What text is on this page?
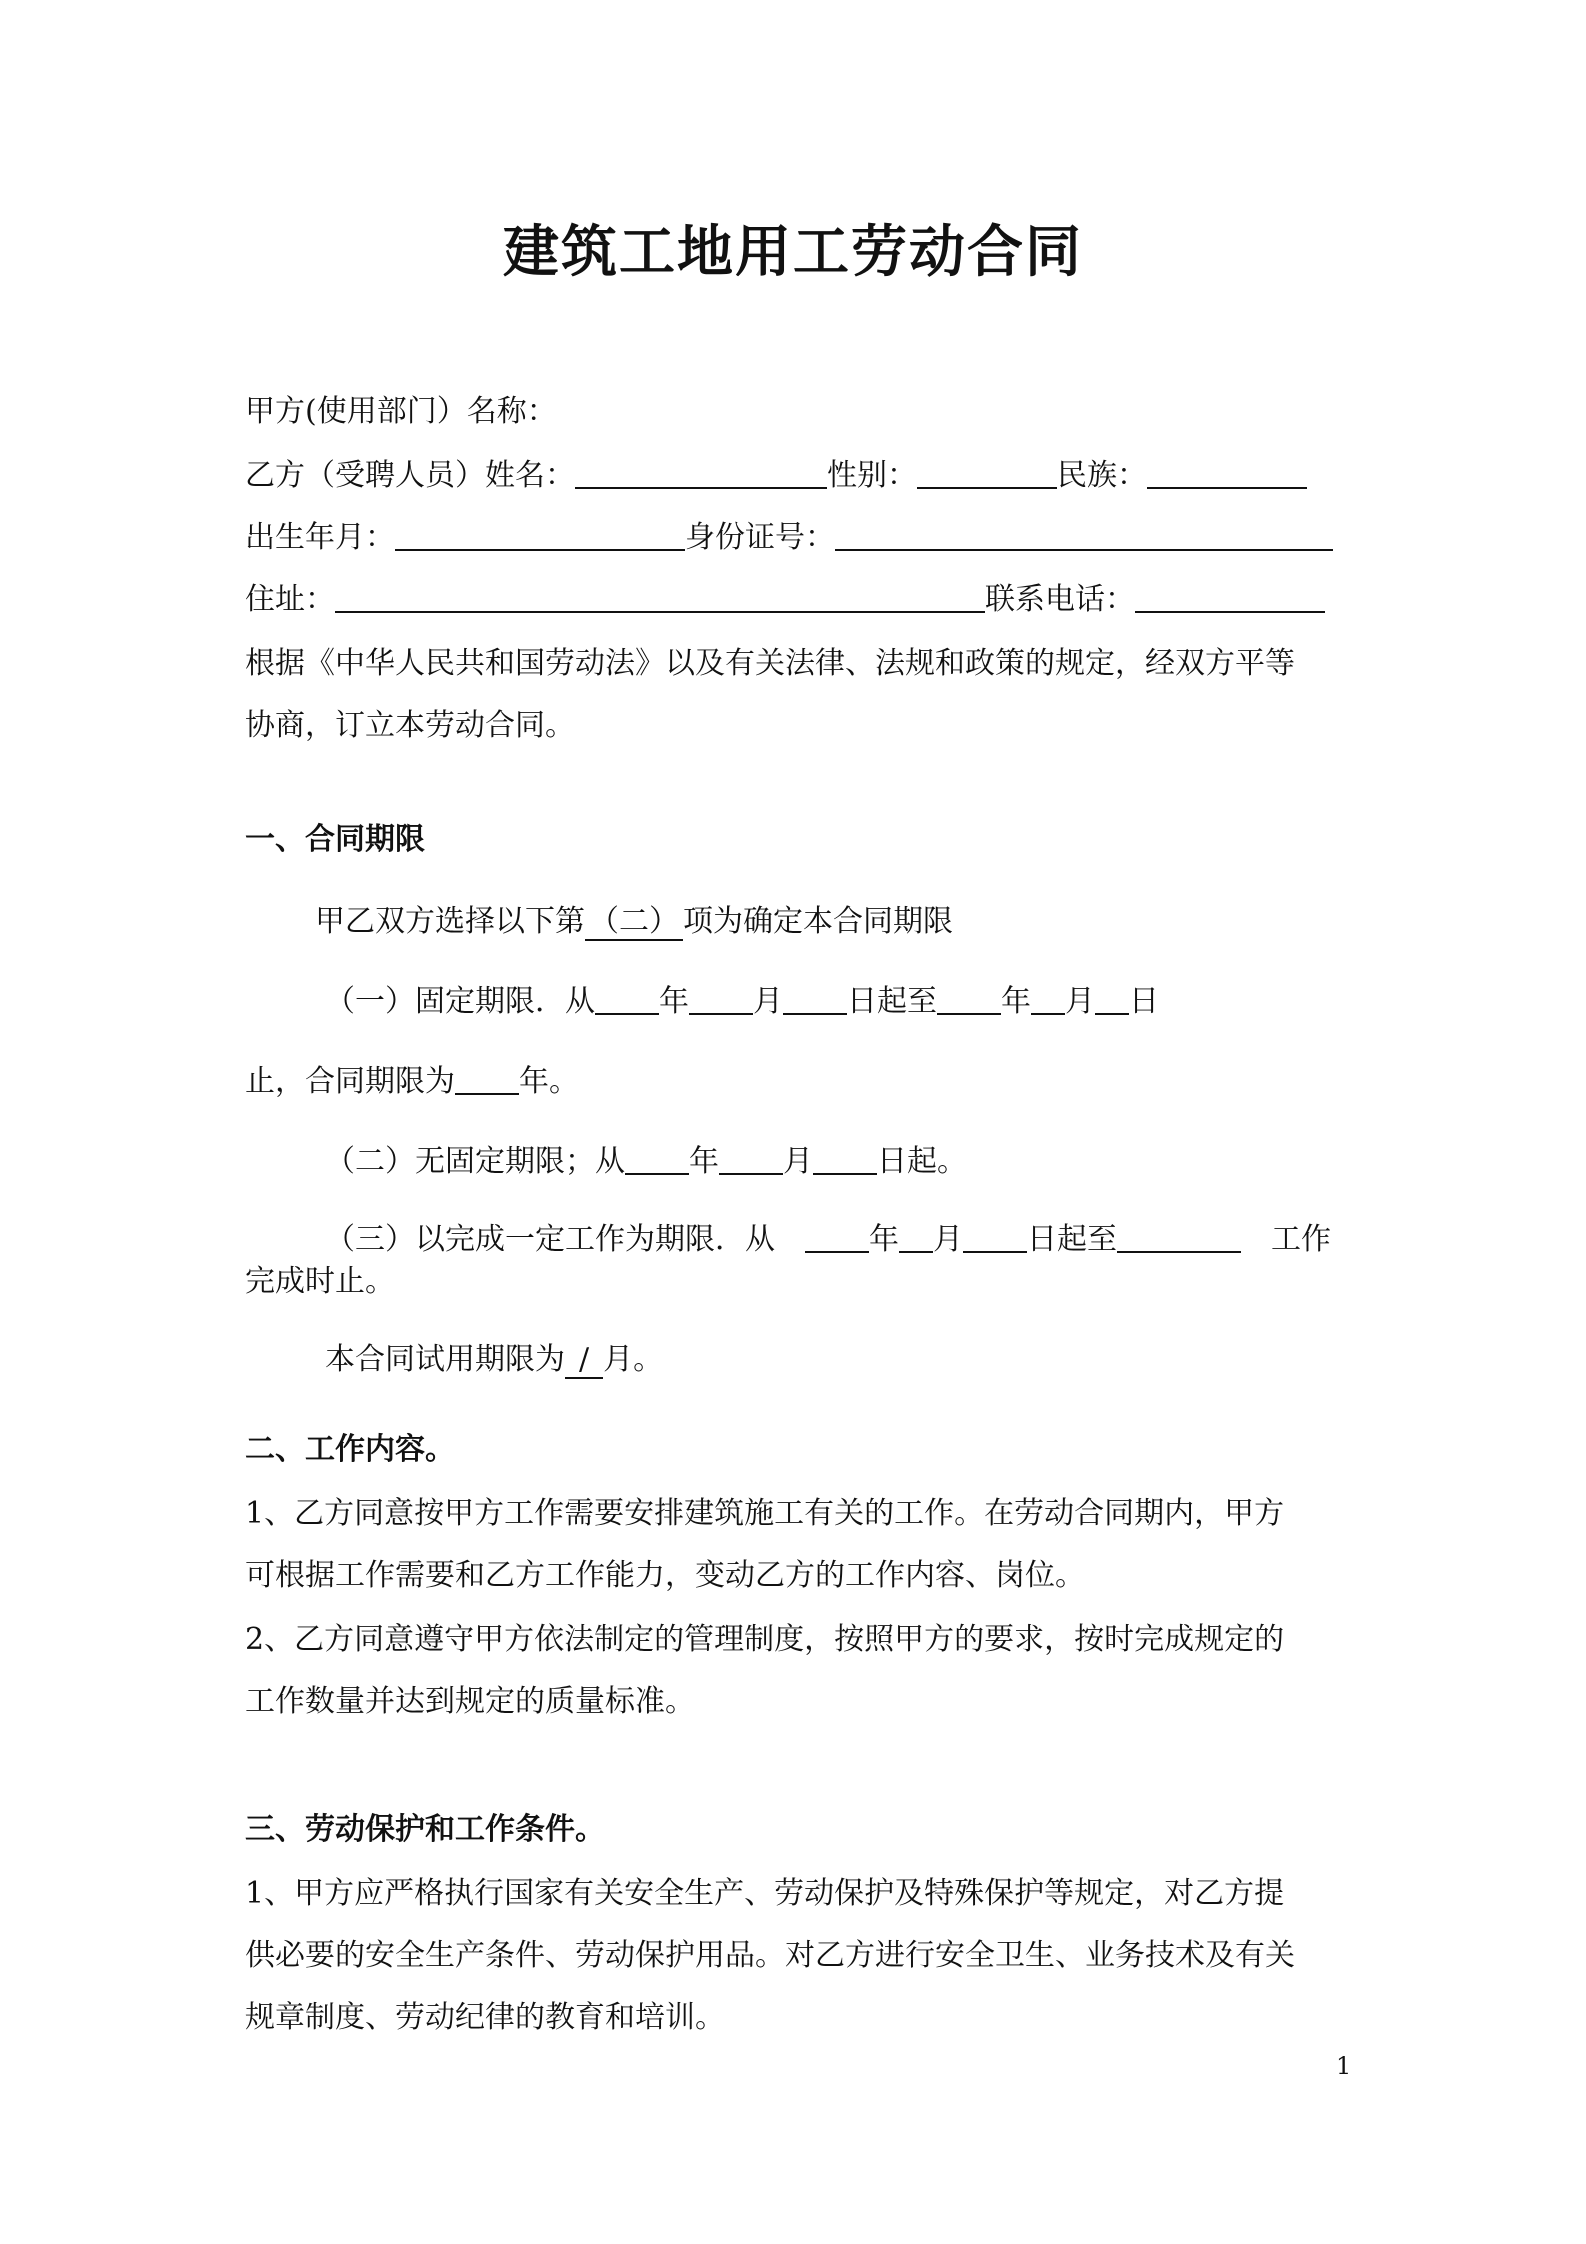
建筑工地用工劳动合同
甲方(使用部门）名称：
乙方（受聘人员）姓名：	性别：	民族：
出生年月：	身份证号：
住址：	联系电话：
根据《中华人民共和国劳动法》以及有关法律、法规和政策的规定，经双方平等
协商，订立本劳动合同。
一、合同期限
甲乙双方选择以下第 （二） 项为确定本合同期限
（一）固定期限．从 年 月 日起至 年 月 日
止，合同期限为 年。
（二）无固定期限；从 年 月 日起。
（三）以完成一定工作为期限．从	年 月 日起至	工作
完成时止。
本合同试用期限为 / 月。
二、工作内容。
1、乙方同意按甲方工作需要安排建筑施工有关的工作。在劳动合同期内，甲方
可根据工作需要和乙方工作能力，变动乙方的工作内容、岗位。
2、乙方同意遵守甲方依法制定的管理制度，按照甲方的要求，按时完成规定的
工作数量并达到规定的质量标准。
三、劳动保护和工作条件。
1、甲方应严格执行国家有关安全生产、劳动保护及特殊保护等规定，对乙方提
供必要的安全生产条件、劳动保护用品。对乙方进行安全卫生、业务技术及有关
规章制度、劳动纪律的教育和培训。
1
